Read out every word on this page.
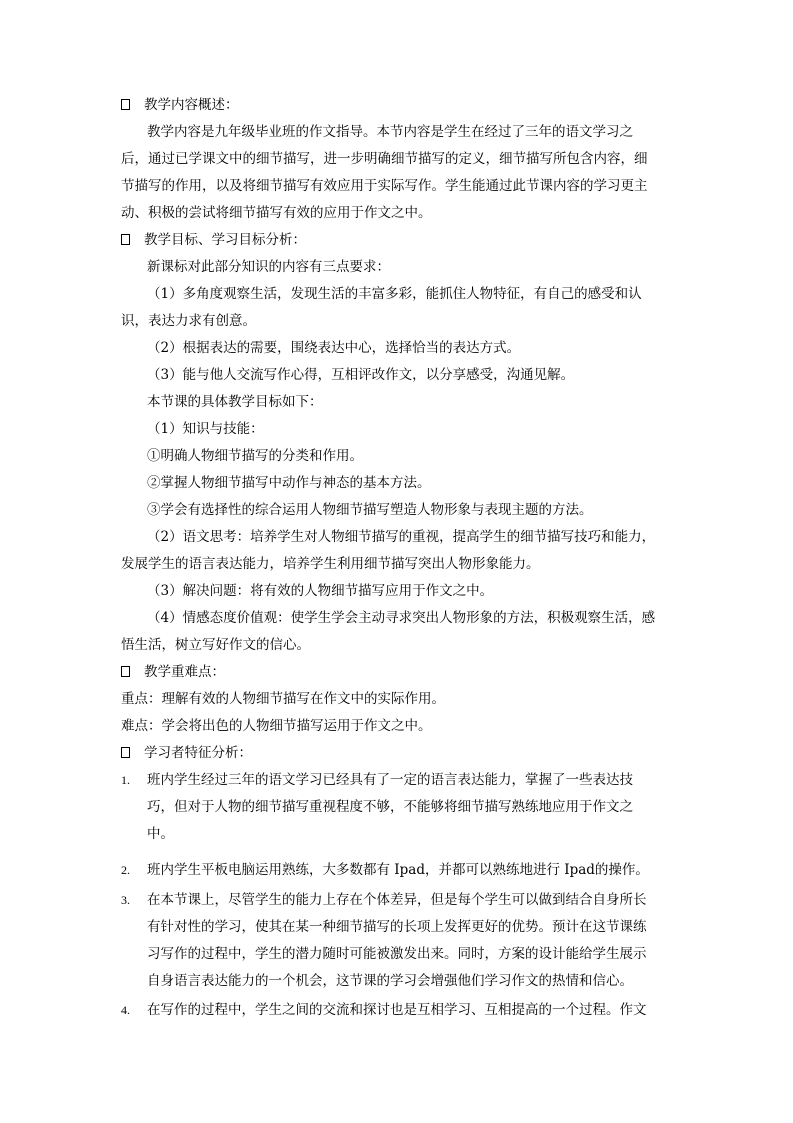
教学内容概述：
教学内容是九年级毕业班的作文指导。本节内容是学生在经过了三年的语文学习之
后，通过已学课文中的细节描写，进一步明确细节描写的定义，细节描写所包含内容，细
节描写的作用，以及将细节描写有效应用于实际写作。学生能通过此节课内容的学习更主
动、积极的尝试将细节描写有效的应用于作文之中。
教学目标、学习目标分析：
新课标对此部分知识的内容有三点要求：
（1）多角度观察生活，发现生活的丰富多彩，能抓住人物特征，有自己的感受和认
识，表达力求有创意。
（2）根据表达的需要，围绕表达中心，选择恰当的表达方式。
（3）能与他人交流写作心得，互相评改作文，以分享感受，沟通见解。
本节课的具体教学目标如下：
（1）知识与技能：
①明确人物细节描写的分类和作用。
②掌握人物细节描写中动作与神态的基本方法。
③学会有选择性的综合运用人物细节描写塑造人物形象与表现主题的方法。
（2）语文思考：培养学生对人物细节描写的重视，提高学生的细节描写技巧和能力，
发展学生的语言表达能力，培养学生利用细节描写突出人物形象能力。
（3）解决问题：将有效的人物细节描写应用于作文之中。
（4）情感态度价值观：使学生学会主动寻求突出人物形象的方法，积极观察生活，感
悟生活，树立写好作文的信心。
教学重难点：
重点：理解有效的人物细节描写在作文中的实际作用。
难点：学会将出色的人物细节描写运用于作文之中。
学习者特征分析：
1. 班内学生经过三年的语文学习已经具有了一定的语言表达能力，掌握了一些表达技
巧，但对于人物的细节描写重视程度不够，不能够将细节描写熟练地应用于作文之
中。
2. 班内学生平板电脑运用熟练，大多数都有 Ipad，并都可以熟练地进行 Ipad的操作。
3. 在本节课上，尽管学生的能力上存在个体差异，但是每个学生可以做到结合自身所长
有针对性的学习，使其在某一种细节描写的长项上发挥更好的优势。预计在这节课练
习写作的过程中，学生的潜力随时可能被激发出来。同时，方案的设计能给学生展示
自身语言表达能力的一个机会，这节课的学习会增强他们学习作文的热情和信心。
4. 在写作的过程中，学生之间的交流和探讨也是互相学习、互相提高的一个过程。作文
